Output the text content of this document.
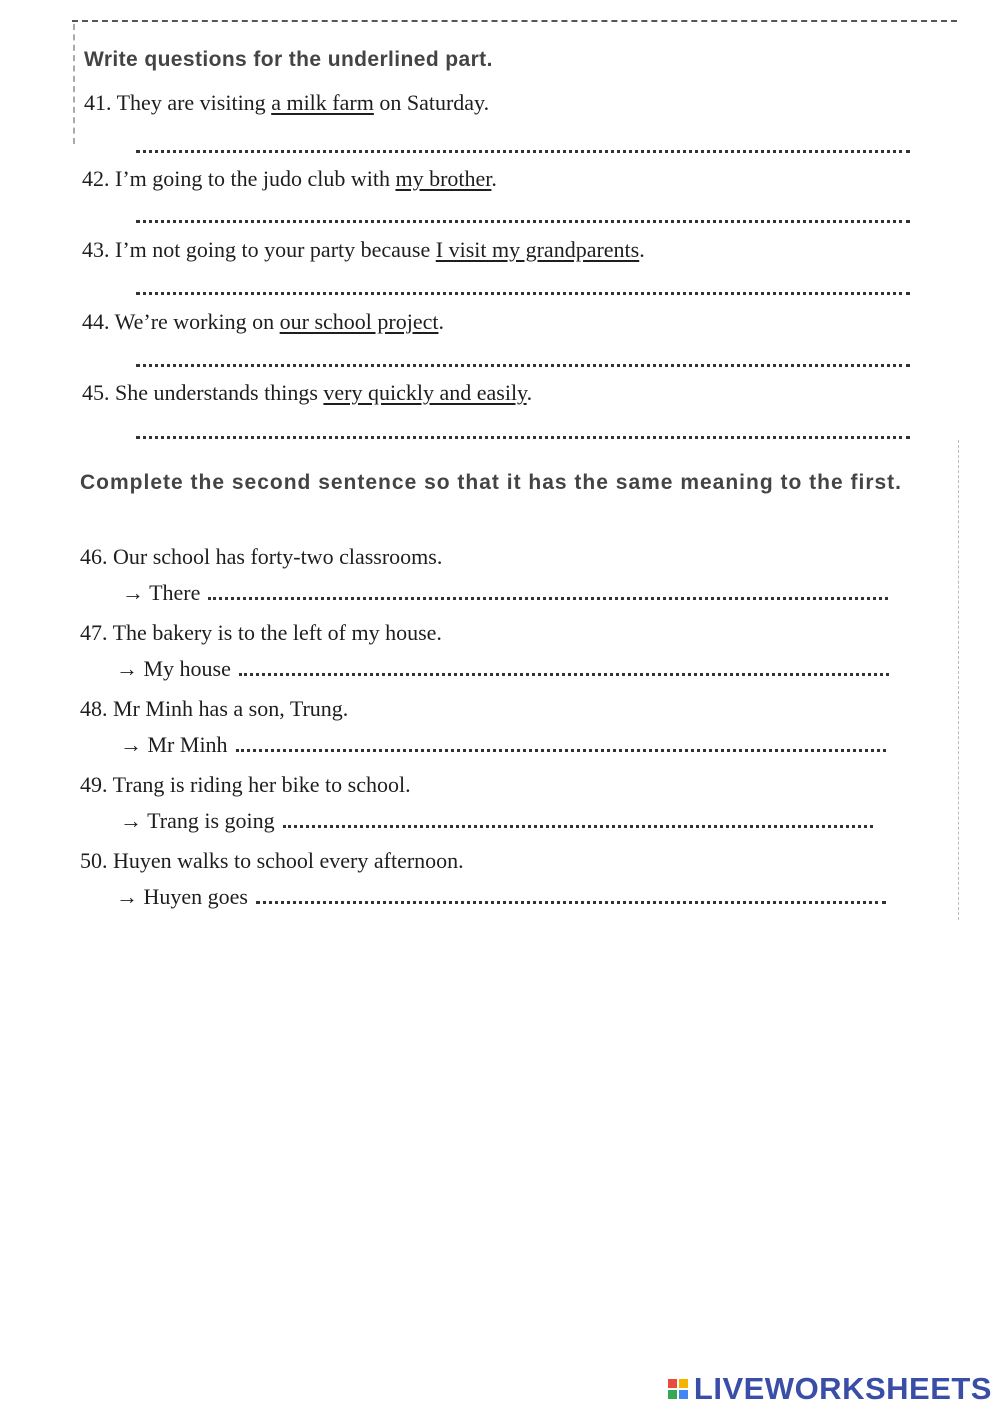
Write questions for the underlined part.

41. They are visiting a milk farm on Saturday.

42. I’m going to the judo club with my brother.

43. I’m not going to your party because I visit my grandparents.

44. We’re working on our school project.

45. She understands things very quickly and easily.

Complete the second sentence so that it has the same meaning to the first.

46. Our school has forty-two classrooms.

→ There

47. The bakery is to the left of my house.

→ My house

48. Mr Minh has a son, Trung.

→ Mr Minh

49. Trang is riding her bike to school.

→ Trang is going

50. Huyen walks to school every afternoon.

→ Huyen goes
LIVEWORKSHEETS
